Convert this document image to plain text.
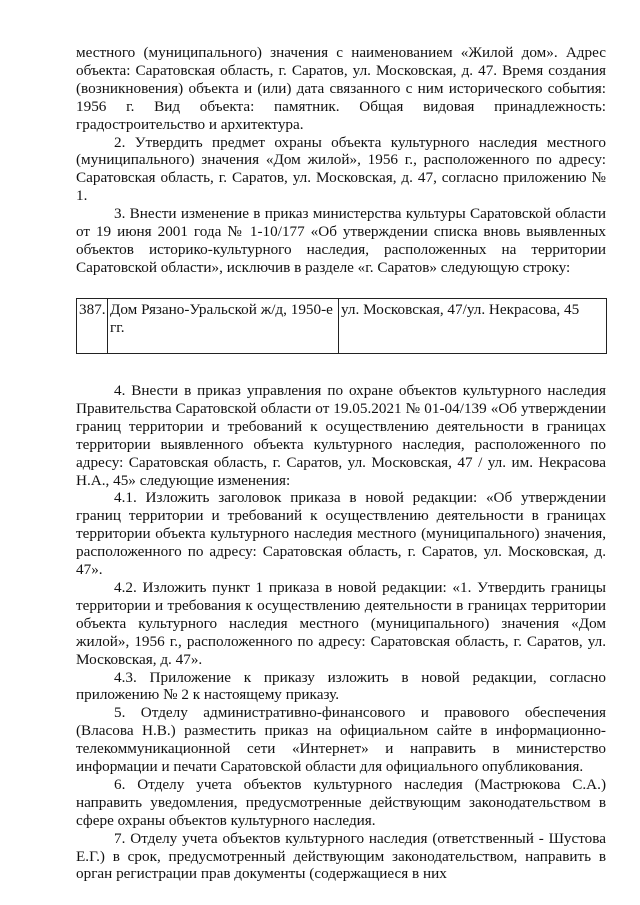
местного (муниципального) значения с наименованием «Жилой дом». Адрес объекта: Саратовская область, г. Саратов, ул. Московская, д. 47. Время создания (возникновения) объекта и (или) дата связанного с ним исторического события: 1956 г. Вид объекта: памятник. Общая видовая принадлежность: градостроительство и архитектура.

2. Утвердить предмет охраны объекта культурного наследия местного (муниципального) значения «Дом жилой», 1956 г., расположенного по адресу: Саратовская область, г. Саратов, ул. Московская, д. 47, согласно приложению № 1.

3. Внести изменение в приказ министерства культуры Саратовской области от 19 июня 2001 года № 1-10/177 «Об утверждении списка вновь выявленных объектов историко-культурного наследия, расположенных на территории Саратовской области», исключив в разделе «г. Саратов» следующую строку:

387.	Дом Рязано-Уральской ж/д, 1950-е гг.	ул. Московская, 47/ул. Некрасова, 45

4. Внести в приказ управления по охране объектов культурного наследия Правительства Саратовской области от 19.05.2021 № 01-04/139 «Об утверждении границ территории и требований к осуществлению деятельности в границах территории выявленного объекта культурного наследия, расположенного по адресу: Саратовская область, г. Саратов, ул. Московская, 47 / ул. им. Некрасова Н.А., 45» следующие изменения:

4.1. Изложить заголовок приказа в новой редакции: «Об утверждении границ территории и требований к осуществлению деятельности в границах территории объекта культурного наследия местного (муниципального) значения, расположенного по адресу: Саратовская область, г. Саратов, ул. Московская, д. 47».

4.2. Изложить пункт 1 приказа в новой редакции: «1. Утвердить границы территории и требования к осуществлению деятельности в границах территории объекта культурного наследия местного (муниципального) значения «Дом жилой», 1956 г., расположенного по адресу: Саратовская область, г. Саратов, ул. Московская, д. 47».

4.3. Приложение к приказу изложить в новой редакции, согласно приложению № 2 к настоящему приказу.

5. Отделу административно-финансового и правового обеспечения (Власова Н.В.) разместить приказ на официальном сайте в информационно-телекоммуникационной сети «Интернет» и направить в министерство информации и печати Саратовской области для официального опубликования.

6. Отделу учета объектов культурного наследия (Мастрюкова С.А.) направить уведомления, предусмотренные действующим законодательством в сфере охраны объектов культурного наследия.

7. Отделу учета объектов культурного наследия (ответственный - Шустова Е.Г.) в срок, предусмотренный действующим законодательством, направить в орган регистрации прав документы (содержащиеся в них
